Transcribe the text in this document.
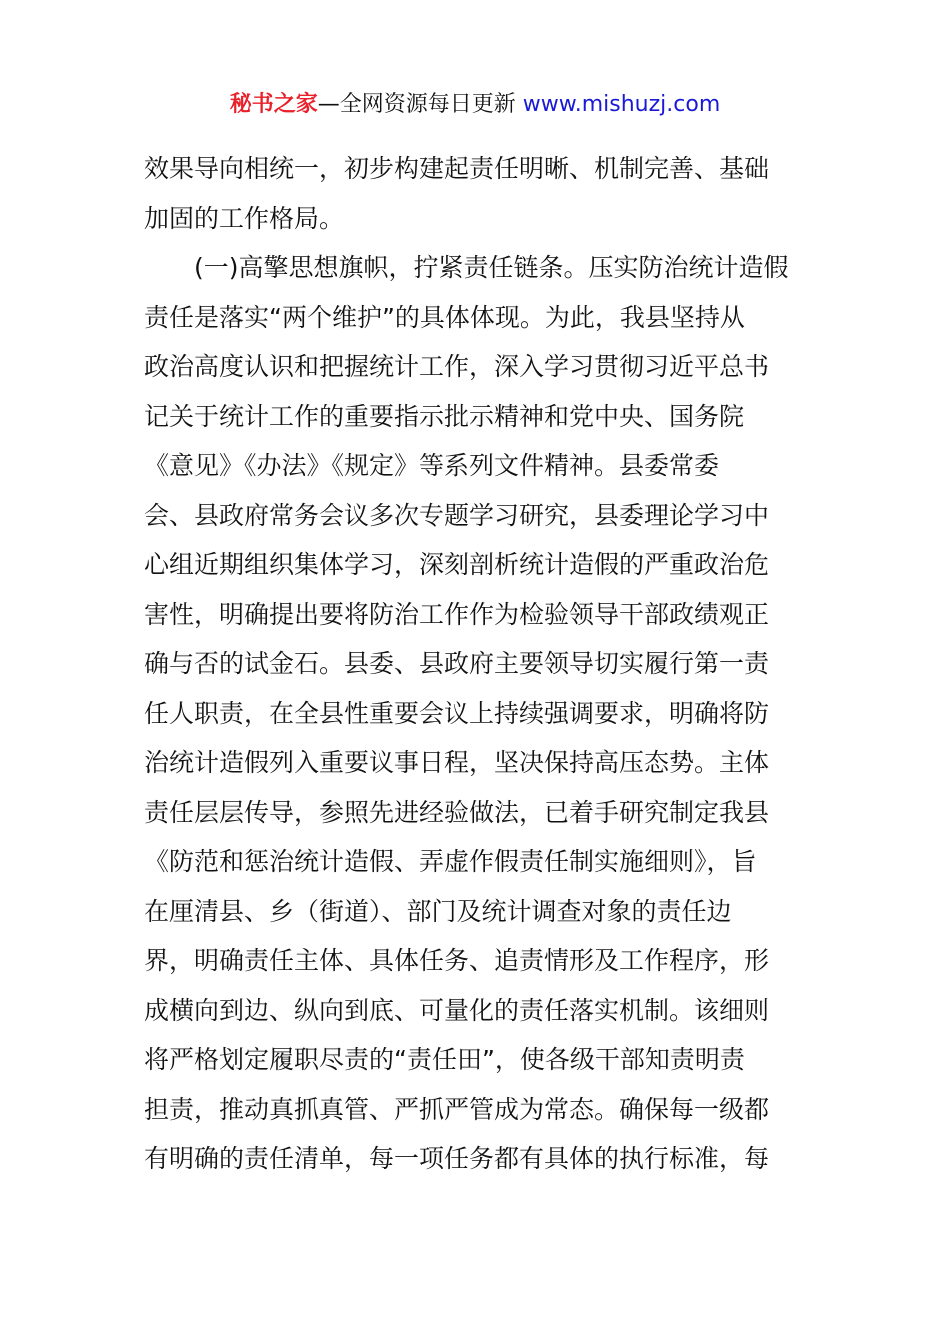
秘书之家—全网资源每日更新 www.mishuzj.com
效果导向相统一，初步构建起责任明晰、机制完善、基础
加固的工作格局。
(一)高擎思想旗帜，拧紧责任链条。压实防治统计造假
责任是落实“两个维护”的具体体现。为此，我县坚持从
政治高度认识和把握统计工作，深入学习贯彻习近平总书
记关于统计工作的重要指示批示精神和党中央、国务院
《意见》《办法》《规定》等系列文件精神。县委常委
会、县政府常务会议多次专题学习研究，县委理论学习中
心组近期组织集体学习，深刻剖析统计造假的严重政治危
害性，明确提出要将防治工作作为检验领导干部政绩观正
确与否的试金石。县委、县政府主要领导切实履行第一责
任人职责，在全县性重要会议上持续强调要求，明确将防
治统计造假列入重要议事日程，坚决保持高压态势。主体
责任层层传导，参照先进经验做法，已着手研究制定我县
《防范和惩治统计造假、弄虚作假责任制实施细则》，旨
在厘清县、乡（街道）、部门及统计调查对象的责任边
界，明确责任主体、具体任务、追责情形及工作程序，形
成横向到边、纵向到底、可量化的责任落实机制。该细则
将严格划定履职尽责的“责任田”，使各级干部知责明责
担责，推动真抓真管、严抓严管成为常态。确保每一级都
有明确的责任清单，每一项任务都有具体的执行标准，每
